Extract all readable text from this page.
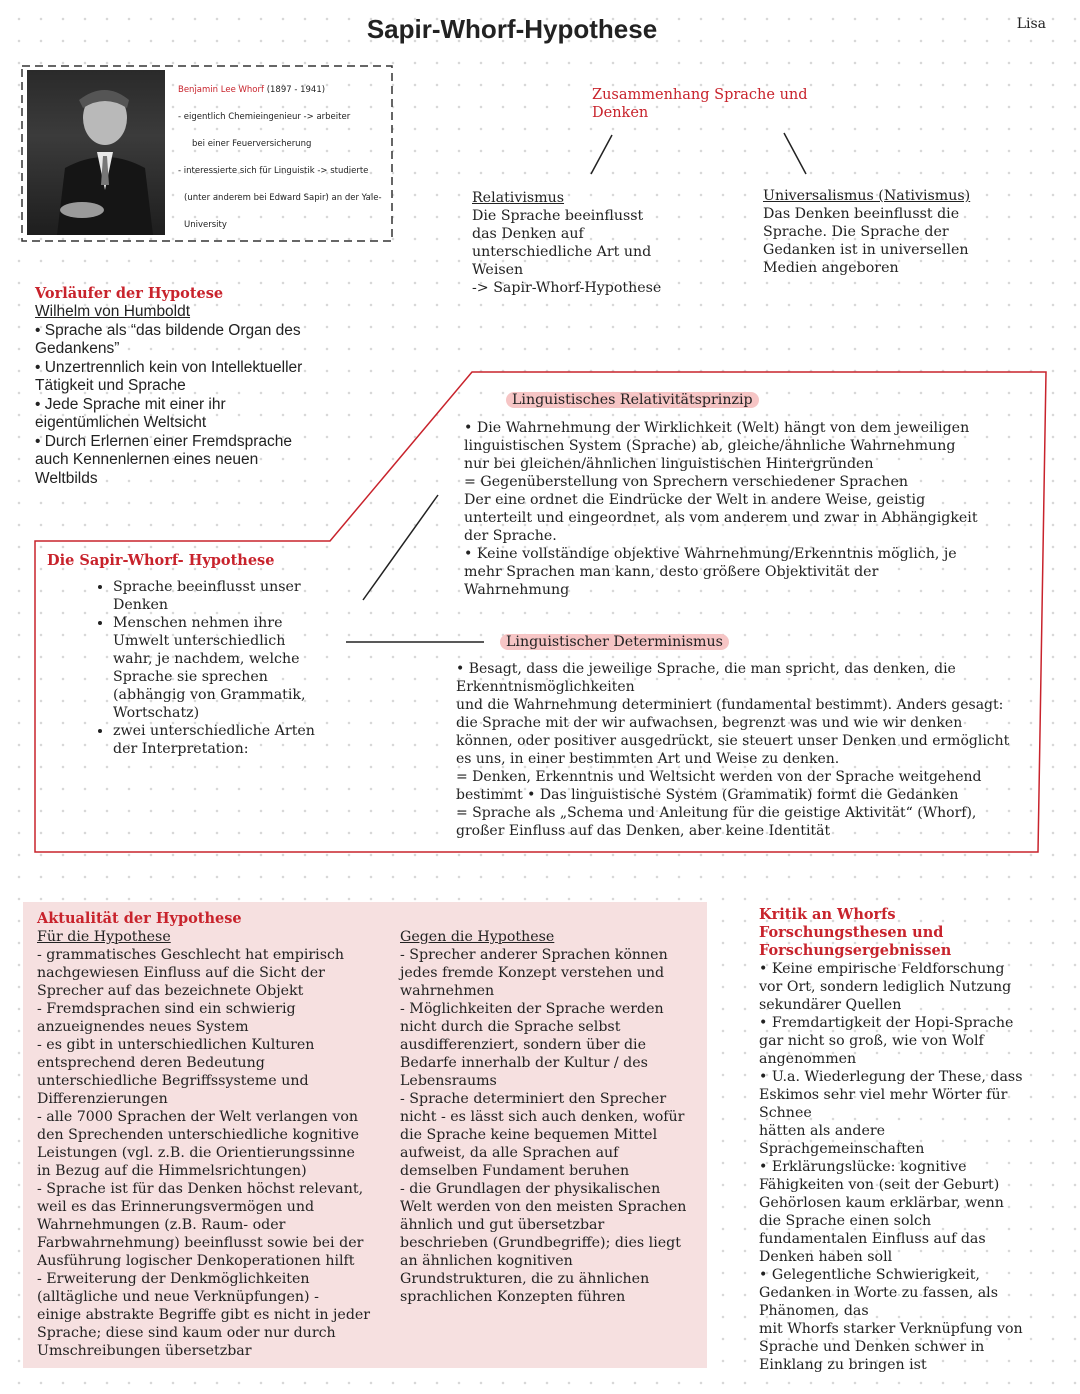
Sapir-Whorf-Hypothese	Lisa
Benjamin Lee Whorf (1897 - 1941)
- eigentlich Chemieingenieur -> arbeiter
bei einer Feuerversicherung
- interessierte sich für Linguistik -> studierte
(unter anderem bei Edward Sapir) an der Yale-
University
Zusammenhang Sprache und Denken
Relativismus
Die Sprache beeinflusst
das Denken auf
unterschiedliche Art und
Weisen
-> Sapir-Whorf-Hypothese
Universalismus (Nativismus)
Das Denken beeinflusst die
Sprache. Die Sprache der
Gedanken ist in universellen
Medien angeboren
Vorläufer der Hypotese
Wilhelm von Humboldt
• Sprache als “das bildende Organ des
Gedankens”
• Unzertrennlich kein von Intellektueller
Tätigkeit und Sprache
• Jede Sprache mit einer ihr
eigentümlichen Weltsicht
• Durch Erlernen einer Fremdsprache
auch Kennenlernen eines neuen
Weltbilds
Die Sapir-Whorf- Hypothese
• Sprache beeinflusst unser
Denken
• Menschen nehmen ihre
Umwelt unterschiedlich
wahr, je nachdem, welche
Sprache sie sprechen
(abhängig von Grammatik,
Wortschatz)
• zwei unterschiedliche Arten
der Interpretation:
Linguistisches Relativitätsprinzip
• Die Wahrnehmung der Wirklichkeit (Welt) hängt von dem jeweiligen
linguistischen System (Sprache) ab, gleiche/ähnliche Wahrnehmung
nur bei gleichen/ähnlichen linguistischen Hintergründen
= Gegenüberstellung von Sprechern verschiedener Sprachen
Der eine ordnet die Eindrücke der Welt in andere Weise, geistig
unterteilt und eingeordnet, als vom anderem und zwar in Abhängigkeit
der Sprache.
• Keine vollständige objektive Wahrnehmung/Erkenntnis möglich, je
mehr Sprachen man kann, desto größere Objektivität der
Wahrnehmung
Linguistischer Determinismus
• Besagt, dass die jeweilige Sprache, die man spricht, das denken, die
Erkenntnismöglichkeiten
und die Wahrnehmung determiniert (fundamental bestimmt). Anders gesagt:
die Sprache mit der wir aufwachsen, begrenzt was und wie wir denken
können, oder positiver ausgedrückt, sie steuert unser Denken und ermöglicht
es uns, in einer bestimmten Art und Weise zu denken.
= Denken, Erkenntnis und Weltsicht werden von der Sprache weitgehend
bestimmt • Das linguistische System (Grammatik) formt die Gedanken
= Sprache als „Schema und Anleitung für die geistige Aktivität“ (Whorf),
großer Einfluss auf das Denken, aber keine Identität
Aktualität der Hypothese
Für die Hypothese
- grammatisches Geschlecht hat empirisch
nachgewiesen Einfluss auf die Sicht der
Sprecher auf das bezeichnete Objekt
- Fremdsprachen sind ein schwierig
anzueignendes neues System
- es gibt in unterschiedlichen Kulturen
entsprechend deren Bedeutung
unterschiedliche Begriffssysteme und
Differenzierungen
- alle 7000 Sprachen der Welt verlangen von
den Sprechenden unterschiedliche kognitive
Leistungen (vgl. z.B. die Orientierungssinne
in Bezug auf die Himmelsrichtungen)
- Sprache ist für das Denken höchst relevant,
weil es das Erinnerungsvermögen und
Wahrnehmungen (z.B. Raum- oder
Farbwahrnehmung) beeinflusst sowie bei der
Ausführung logischer Denkoperationen hilft
- Erweiterung der Denkmöglichkeiten
(alltägliche und neue Verknüpfungen) -
einige abstrakte Begriffe gibt es nicht in jeder
Sprache; diese sind kaum oder nur durch
Umschreibungen übersetzbar
Gegen die Hypothese
- Sprecher anderer Sprachen können
jedes fremde Konzept verstehen und
wahrnehmen
- Möglichkeiten der Sprache werden
nicht durch die Sprache selbst
ausdifferenziert, sondern über die
Bedarfe innerhalb der Kultur / des
Lebensraums
- Sprache determiniert den Sprecher
nicht - es lässt sich auch denken, wofür
die Sprache keine bequemen Mittel
aufweist, da alle Sprachen auf
demselben Fundament beruhen
- die Grundlagen der physikalischen
Welt werden von den meisten Sprachen
ähnlich und gut übersetzbar
beschrieben (Grundbegriffe); dies liegt
an ähnlichen kognitiven
Grundstrukturen, die zu ähnlichen
sprachlichen Konzepten führen
Kritik an Whorfs
Forschungsthesen und
Forschungsergebnissen
• Keine empirische Feldforschung
vor Ort, sondern lediglich Nutzung
sekundärer Quellen
• Fremdartigkeit der Hopi-Sprache
gar nicht so groß, wie von Wolf
angenommen
• U.a. Wiederlegung der These, dass
Eskimos sehr viel mehr Wörter für
Schnee
hätten als andere
Sprachgemeinschaften
• Erklärungslücke: kognitive
Fähigkeiten von (seit der Geburt)
Gehörlosen kaum erklärbar, wenn
die Sprache einen solch
fundamentalen Einfluss auf das
Denken haben soll
• Gelegentliche Schwierigkeit,
Gedanken in Worte zu fassen, als
Phänomen, das
mit Whorfs starker Verknüpfung von
Sprache und Denken schwer in
Einklang zu bringen ist
